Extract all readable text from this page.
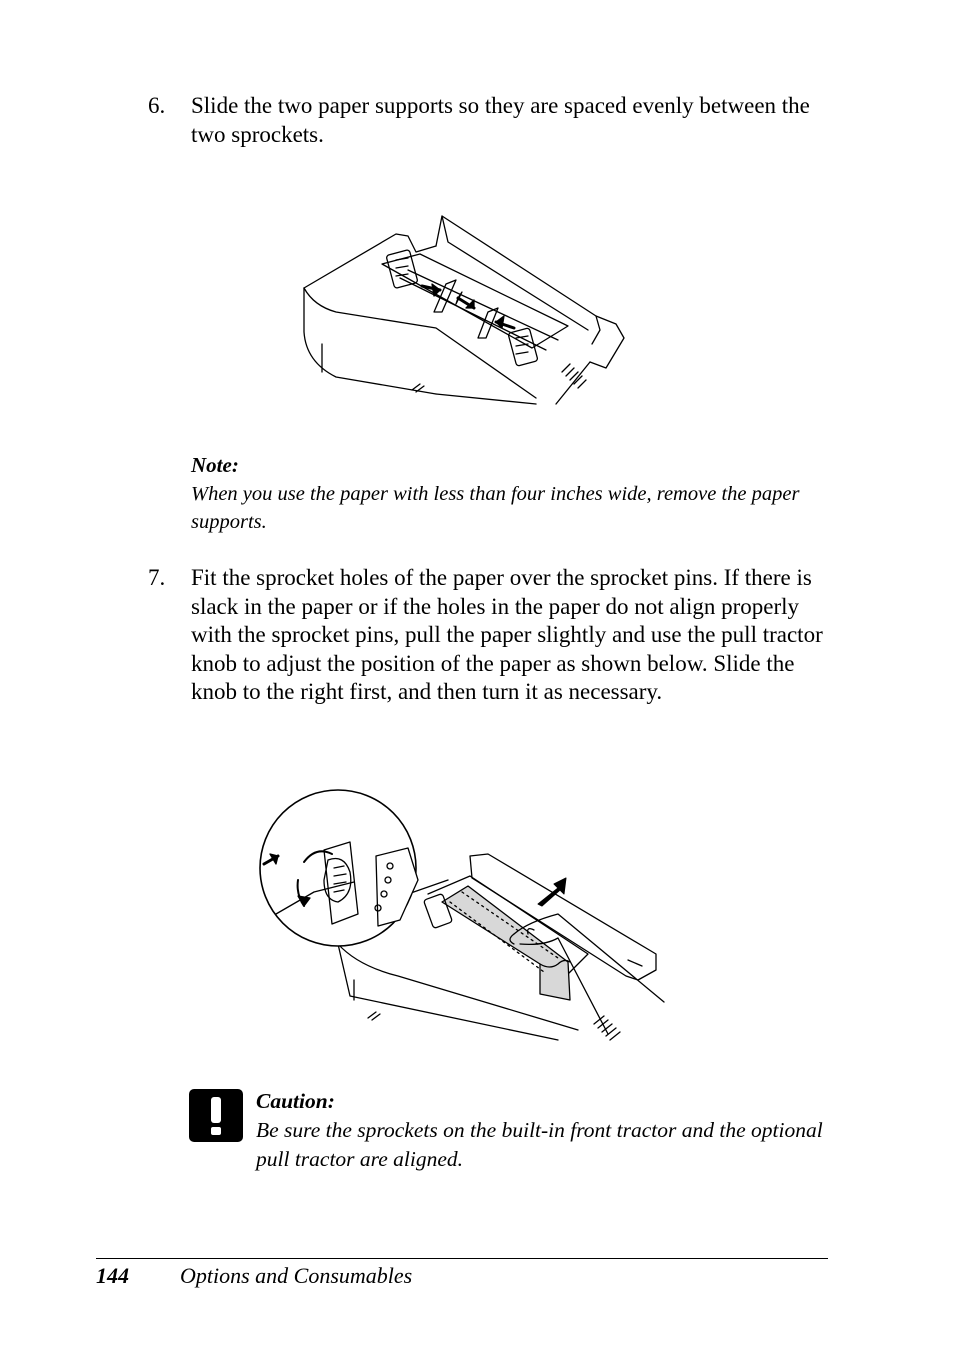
6. Slide the two paper supports so they are spaced evenly between the two sprockets.
Note:
When you use the paper with less than four inches wide, remove the paper supports.
7. Fit the sprocket holes of the paper over the sprocket pins. If there is slack in the paper or if the holes in the paper do not align properly with the sprocket pins, pull the paper slightly and use the pull tractor knob to adjust the position of the paper as shown below. Slide the knob to the right first, and then turn it as necessary.
Caution:
Be sure the sprockets on the built-in front tractor and the optional pull tractor are aligned.
144 Options and Consumables
